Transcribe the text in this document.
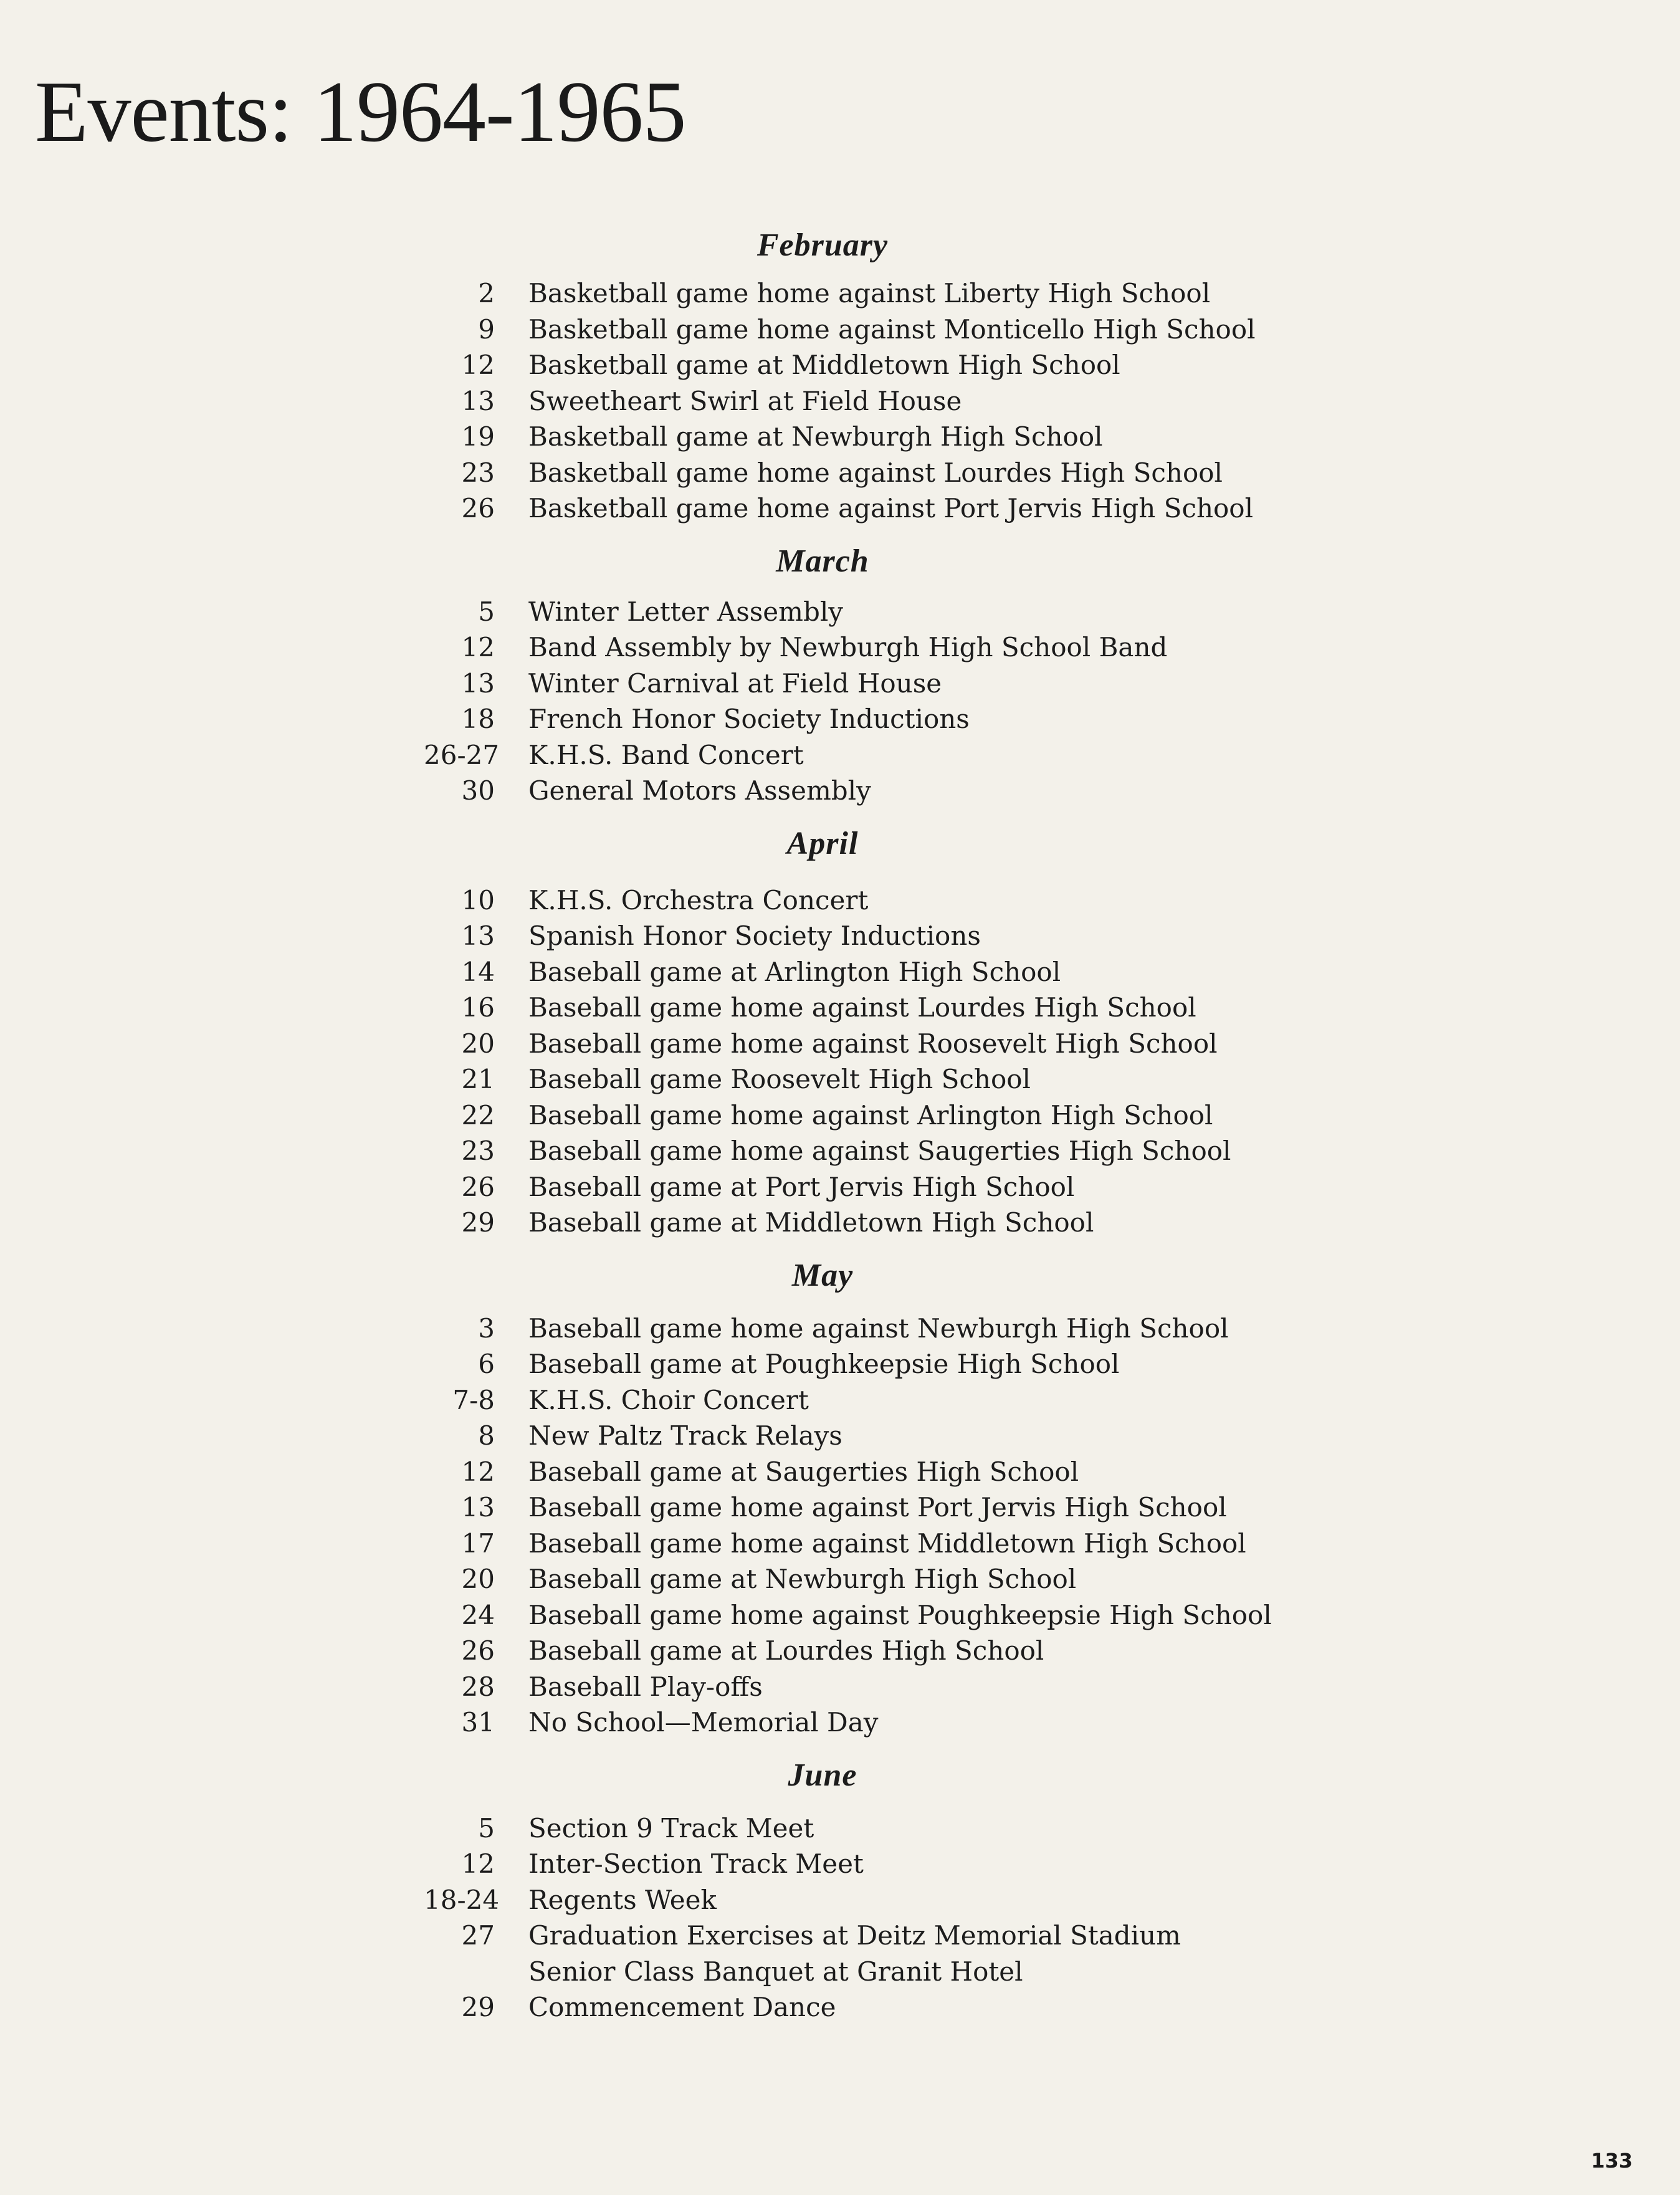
Events: 1964-1965
February
2	Basketball game home against Liberty High School
9	Basketball game home against Monticello High School
12	Basketball game at Middletown High School
13	Sweetheart Swirl at Field House
19	Basketball game at Newburgh High School
23	Basketball game home against Lourdes High School
26	Basketball game home against Port Jervis High School
March
5	Winter Letter Assembly
12	Band Assembly by Newburgh High School Band
13	Winter Carnival at Field House
18	French Honor Society Inductions
26-27	K.H.S. Band Concert
30	General Motors Assembly
April
10	K.H.S. Orchestra Concert
13	Spanish Honor Society Inductions
14	Baseball game at Arlington High School
16	Baseball game home against Lourdes High School
20	Baseball game home against Roosevelt High School
21	Baseball game Roosevelt High School
22	Baseball game home against Arlington High School
23	Baseball game home against Saugerties High School
26	Baseball game at Port Jervis High School
29	Baseball game at Middletown High School
May
3	Baseball game home against Newburgh High School
6	Baseball game at Poughkeepsie High School
7-8	K.H.S. Choir Concert
8	New Paltz Track Relays
12	Baseball game at Saugerties High School
13	Baseball game home against Port Jervis High School
17	Baseball game home against Middletown High School
20	Baseball game at Newburgh High School
24	Baseball game home against Poughkeepsie High School
26	Baseball game at Lourdes High School
28	Baseball Play-offs
31	No School—Memorial Day
June
5	Section 9 Track Meet
12	Inter-Section Track Meet
18-24	Regents Week
27	Graduation Exercises at Deitz Memorial Stadium
Senior Class Banquet at Granit Hotel
29	Commencement Dance
133
